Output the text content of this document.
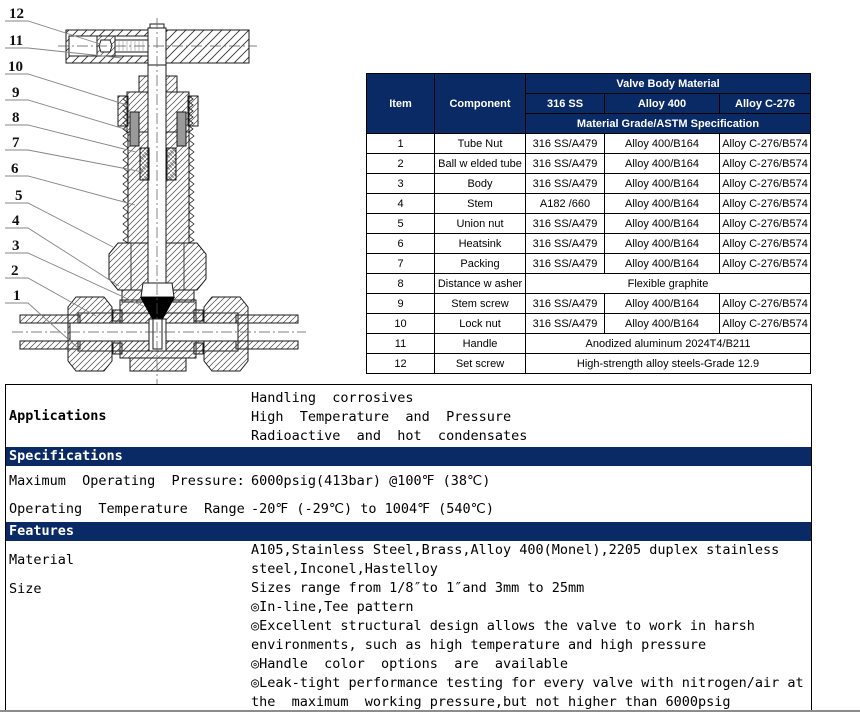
12
11
10
9
8
7
6
5
4
3
2
1
Item	Component	Valve Body Material		
		316 SS	Alloy 400	Alloy C-276
		Material Grade/ASTM Specification		
1	Tube Nut	316 SS/A479	Alloy 400/B164	Alloy C-276/B574
2	Ball w elded tube	316 SS/A479	Alloy 400/B164	Alloy C-276/B574
3	Body	316 SS/A479	Alloy 400/B164	Alloy C-276/B574
4	Stem	A182 /660	Alloy 400/B164	Alloy C-276/B574
5	Union nut	316 SS/A479	Alloy 400/B164	Alloy C-276/B574
6	Heatsink	316 SS/A479	Alloy 400/B164	Alloy C-276/B574
7	Packing	316 SS/A479	Alloy 400/B164	Alloy C-276/B574
8	Distance w asher	Flexible graphite		
9	Stem screw	316 SS/A479	Alloy 400/B164	Alloy C-276/B574
10	Lock nut	316 SS/A479	Alloy 400/B164	Alloy C-276/B574
11	Handle	Anodized aluminum 2024T4/B211		
12	Set screw	High-strength alloy steels-Grade 12.9		
Applications
Handling  corrosives
High  Temperature  and  Pressure
Radioactive  and  hot  condensates
Specifications
Maximum  Operating  Pressure: 6000psig(413bar) @100℉ (38℃)
Operating  Temperature  Range -20℉ (-29℃) to 1004℉ (540℃)
Features
Material
A105,Stainless Steel,Brass,Alloy 400(Monel),2205 duplex stainless steel,Inconel,Hastelloy
Size	Sizes range from 1/8″to 1″and 3mm to 25mm
◎In-line,Tee pattern
◎Excellent structural design allows the valve to work in harsh environments, such as high temperature and high pressure
◎Handle  color  options  are  available
◎Leak-tight performance testing for every valve with nitrogen/air at the  maximum  working pressure,but not higher than 6000psig
